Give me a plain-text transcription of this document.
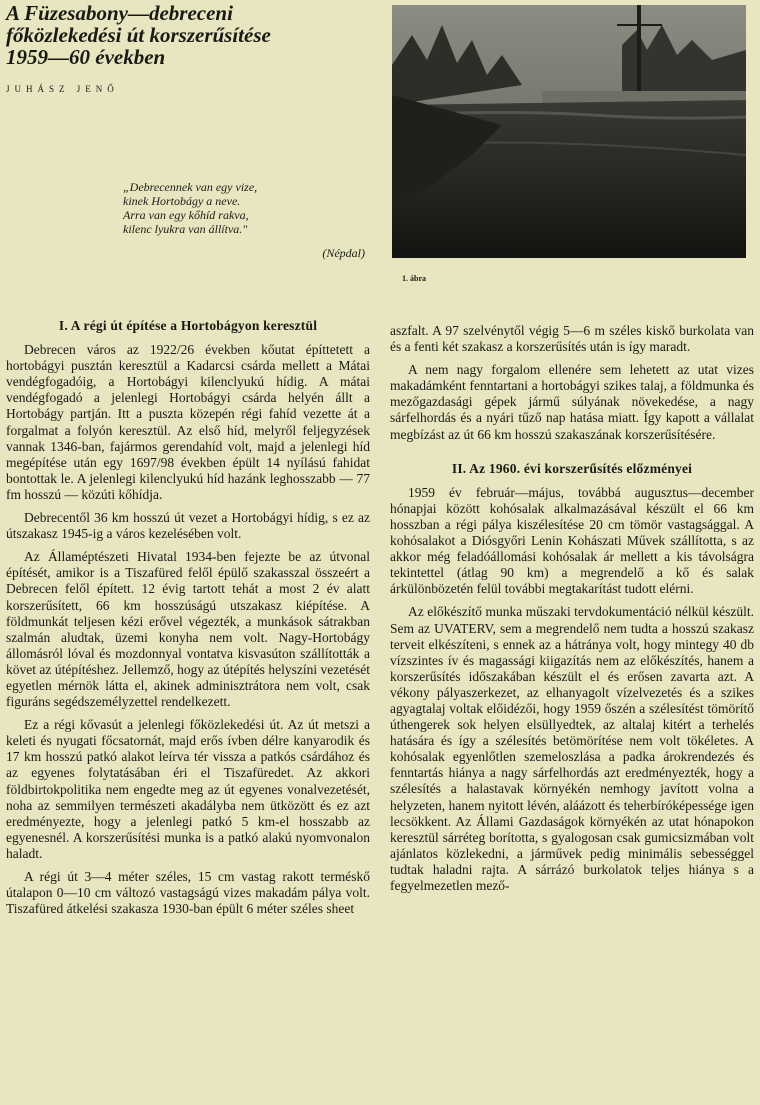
A Füzesabony—debreceni
főközlekedési út korszerűsítése
1959—60 években
JUHÁSZ JENŐ
„Debrecennek van egy vize,
kinek Hortobágy a neve.
Arra van egy kőhíd rakva,
kilenc lyukra van állítva."
(Népdal)
1. ábra
I. A régi út építése a Hortobágyon keresztül

Debrecen város az 1922/26 években kőutat építtetett a hortobágyi pusztán keresztül a Kadarcsi csárda mellett a Mátai vendégfogadóig, a Hortobágyi kilenclyukú hídig. A mátai vendégfogadó a jelenlegi Hortobágyi csárda helyén állt a Hortobágy partján. Itt a puszta közepén régi fahíd vezette át a forgalmat a folyón keresztül. Az első híd, melyről feljegyzések vannak 1346-ban, fajármos gerendahíd volt, majd a jelenlegi híd megépítése után egy 1697/98 években épült 14 nyílású fahidat bontottak le. A jelenlegi kilenclyukú híd hazánk leghosszabb — 77 fm hosszú — közúti kőhídja.

Debrecentől 36 km hosszú út vezet a Hortobágyi hídig, s ez az útszakasz 1945-ig a város kezelésében volt.

Az Államéptészeti Hivatal 1934-ben fejezte be az útvonal építését, amikor is a Tiszafüred felől épülő szakasszal összeért a Debrecen felől épített. 12 évig tartott tehát a most 2 év alatt korszerűsített, 66 km hosszúságú utszakasz kiépítése. A földmunkát teljesen kézi erővel végezték, a munkások sátrakban szalmán aludtak, üzemi konyha nem volt. Nagy-Hortobágy állomásról lóval és mozdonnyal vontatva kisvasúton szállították a követ az útépítéshez. Jellemző, hogy az útépítés helyszíni vezetését egyetlen mérnök látta el, akinek adminisztrátora nem volt, csak figuráns segédszemélyzettel rendelkezett.

Ez a régi kővasút a jelenlegi főközlekedési út. Az út metszi a keleti és nyugati főcsatornát, majd erős ívben délre kanyarodik és 17 km hosszú patkó alakot leírva tér vissza a patkós csárdához és az egyenes folytatásában éri el Tiszafüredet. Az akkori földbirtokpolitika nem engedte meg az út egyenes vonalvezetését, noha az semmilyen természeti akadályba nem ütközött és ez azt eredményezte, hogy a jelenlegi patkó 5 km-el hosszabb az egyenesnél. A korszerűsítési munka is a patkó alakú nyomvonalon haladt.

A régi út 3—4 méter széles, 15 cm vastag rakott terméskő útalapon 0—10 cm változó vastagságú vizes makadám pálya volt. Tiszafüred átkelési szakasza 1930-ban épült 6 méter széles sheet

aszfalt. A 97 szelvénytől végig 5—6 m széles kiskő burkolata van és a fenti két szakasz a korszerűsítés után is így maradt.

A nem nagy forgalom ellenére sem lehetett az utat vizes makadámként fenntartani a hortobágyi szikes talaj, a földmunka és mezőgazdasági gépek jármű súlyának növekedése, a nagy sárfelhordás és a nyári tűző nap hatása miatt. Így kapott a vállalat megbízást az út 66 km hosszú szakaszának korszerűsítésére.

II. Az 1960. évi korszerűsítés előzményei

1959 év február—május, továbbá augusztus—december hónapjai között kohósalak alkalmazásával készült el 66 km hosszban a régi pálya kiszélesítése 20 cm tömör vastagsággal. A kohósalakot a Diósgyőri Lenin Kohászati Művek szállította, s az akkor még feladóállomási kohósalak ár mellett a kis távolságra tekintettel (átlag 90 km) a megrendelő a kő és salak árkülönbözetén felül további megtakarítást tudott elérni.

Az előkészítő munka műszaki tervdokumentáció nélkül készült. Sem az UVATERV, sem a megrendelő nem tudta a hosszú szakasz terveit elkészíteni, s ennek az a hátránya volt, hogy mintegy 40 db vízszintes ív és magassági kiigazítás nem az előkészítés, hanem a korszerűsítés időszakában készült el és erősen zavarta azt. A vékony pályaszerkezet, az elhanyagolt vízelvezetés és a szikes agyagtalaj voltak előidézői, hogy 1959 őszén a szélesítést tömörítő úthengerek sok helyen elsüllyedtek, az altalaj kitért a terhelés hatására és így a szélesítés betömörítése nem volt tökéletes. A kohósalak egyenlőtlen szemeloszlása a padka árokrendezés és fenntartás hiánya a nagy sárfelhordás azt eredményezték, hogy a szélesítés a halastavak környékén nemhogy javított volna a helyzeten, hanem nyitott lévén, aláázott és teherbíróképessége igen lecsökkent. Az Állami Gazdaságok környékén az utat hónapokon keresztül sárréteg borította, s gyalogosan csak gumicsizmában volt ajánlatos közlekedni, a járművek pedig minimális sebességgel tudtak haladni rajta. A sárrázó burkolatok teljes hiánya s a fegyelmezetlen mező-
